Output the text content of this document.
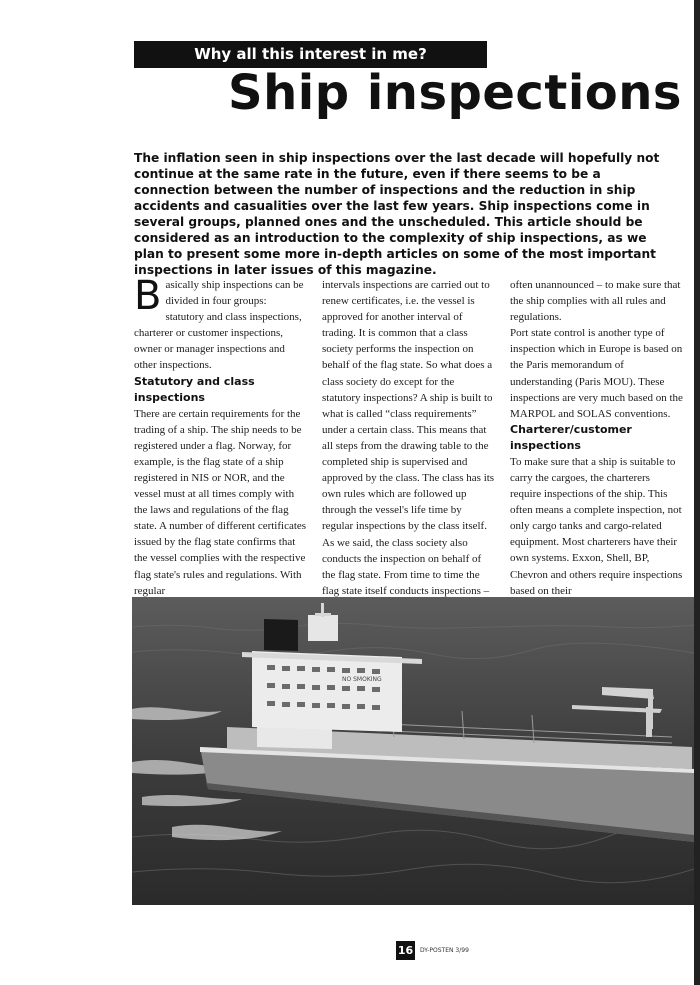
Why all this interest in me?
Ship inspections

The inflation seen in ship inspections over the last decade will hopefully not continue at the same rate in the future, even if there seems to be a connection between the number of inspections and the reduction in ship accidents and casualities over the last few years. Ship inspections come in several groups, planned ones and the unscheduled. This article should be considered as an introduction to the complexity of ship inspections, as we plan to present some more in-depth articles on some of the most important inspections in later issues of this magazine.

Basically ship inspections can be divided in four groups: statutory and class inspections, charterer or customer inspections, owner or manager inspections and other inspections.

Statutory and class inspections

There are certain requirements for the trading of a ship. The ship needs to be registered under a flag. Norway, for example, is the flag state of a ship registered in NIS or NOR, and the vessel must at all times comply with the laws and regulations of the flag state. A number of different certificates issued by the flag state confirms that the vessel complies with the respective flag state's rules and regulations. With regular

intervals inspections are carried out to renew certificates, i.e. the vessel is approved for another interval of trading. It is common that a class society performs the inspection on behalf of the flag state. So what does a class society do except for the statutory inspections? A ship is built to what is called “class requirements” under a certain class. This means that all steps from the drawing table to the completed ship is supervised and approved by the class. The class has its own rules which are followed up through the vessel's life time by regular inspections by the class itself. As we said, the class society also conducts the inspection on behalf of the flag state. From time to time the flag state itself conducts inspections –

often unannounced – to make sure that the ship complies with all rules and regulations.

Port state control is another type of inspection which in Europe is based on the Paris memorandum of understanding (Paris MOU). These inspections are very much based on the MARPOL and SOLAS conventions.

Charterer/customer inspections

To make sure that a ship is suitable to carry the cargoes, the charterers require inspections of the ship. This often means a complete inspection, not only cargo tanks and cargo-related equipment. Most charterers have their own systems. Exxon, Shell, BP, Chevron and others require inspections based on their

NO SMOKING
16	DY-POSTEN 3/99
